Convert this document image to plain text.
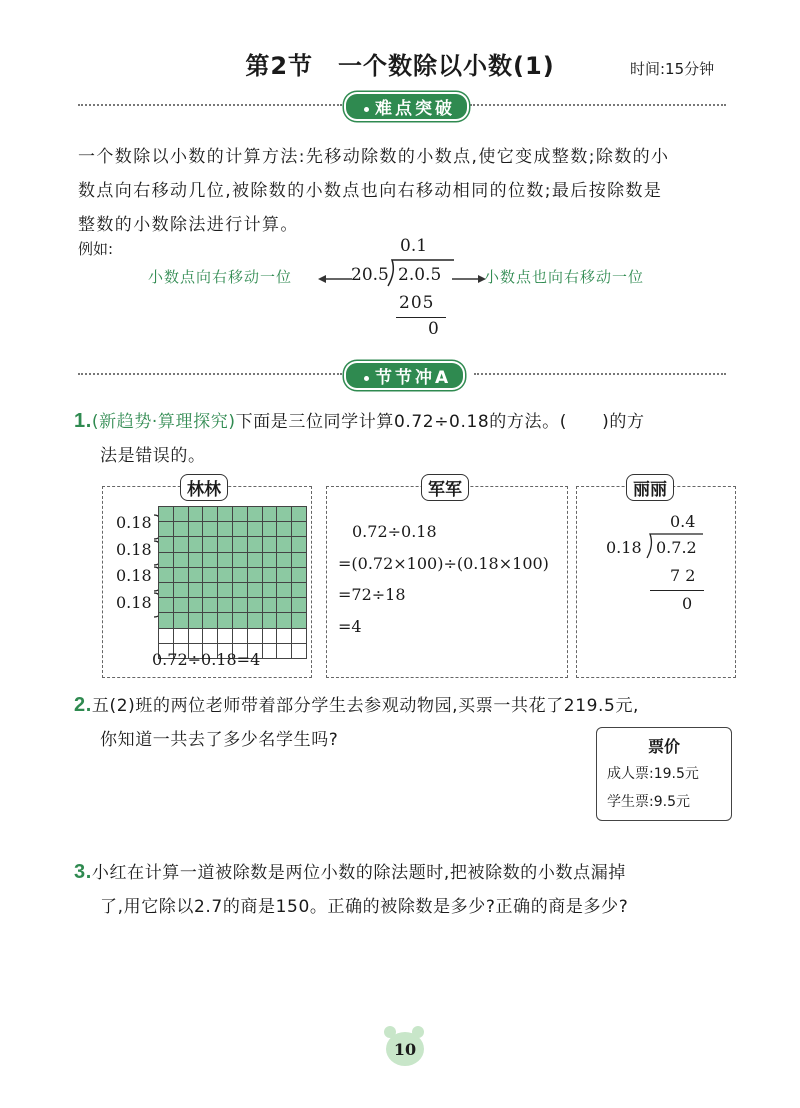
第2节　一个数除以小数(1)	时间:15分钟
难点突破
一个数除以小数的计算方法:先移动除数的小数点,使它变成整数;除数的小
数点向右移动几位,被除数的小数点也向右移动相同的位数;最后按除数是
整数的小数除法进行计算。
例如:
小数点向右移动一位	20.5
0.1
2.0.5	小数点也向右移动一位
205
0
节节冲A
1.(新趋势·算理探究)下面是三位同学计算0.72÷0.18的方法。(　　)的方
法是错误的。
林林
0.18
0.18
0.18
0.18

0.72÷0.18=4
军军
0.72÷0.18
=(0.72×100)÷(0.18×100)
=72÷18
=4
丽丽
0.4
0.18 0.7.2
7 2
0
2.五(2)班的两位老师带着部分学生去参观动物园,买票一共花了219.5元,
你知道一共去了多少名学生吗?	票价
成人票:19.5元
学生票:9.5元
3.小红在计算一道被除数是两位小数的除法题时,把被除数的小数点漏掉
了,用它除以2.7的商是150。正确的被除数是多少?正确的商是多少?
10
